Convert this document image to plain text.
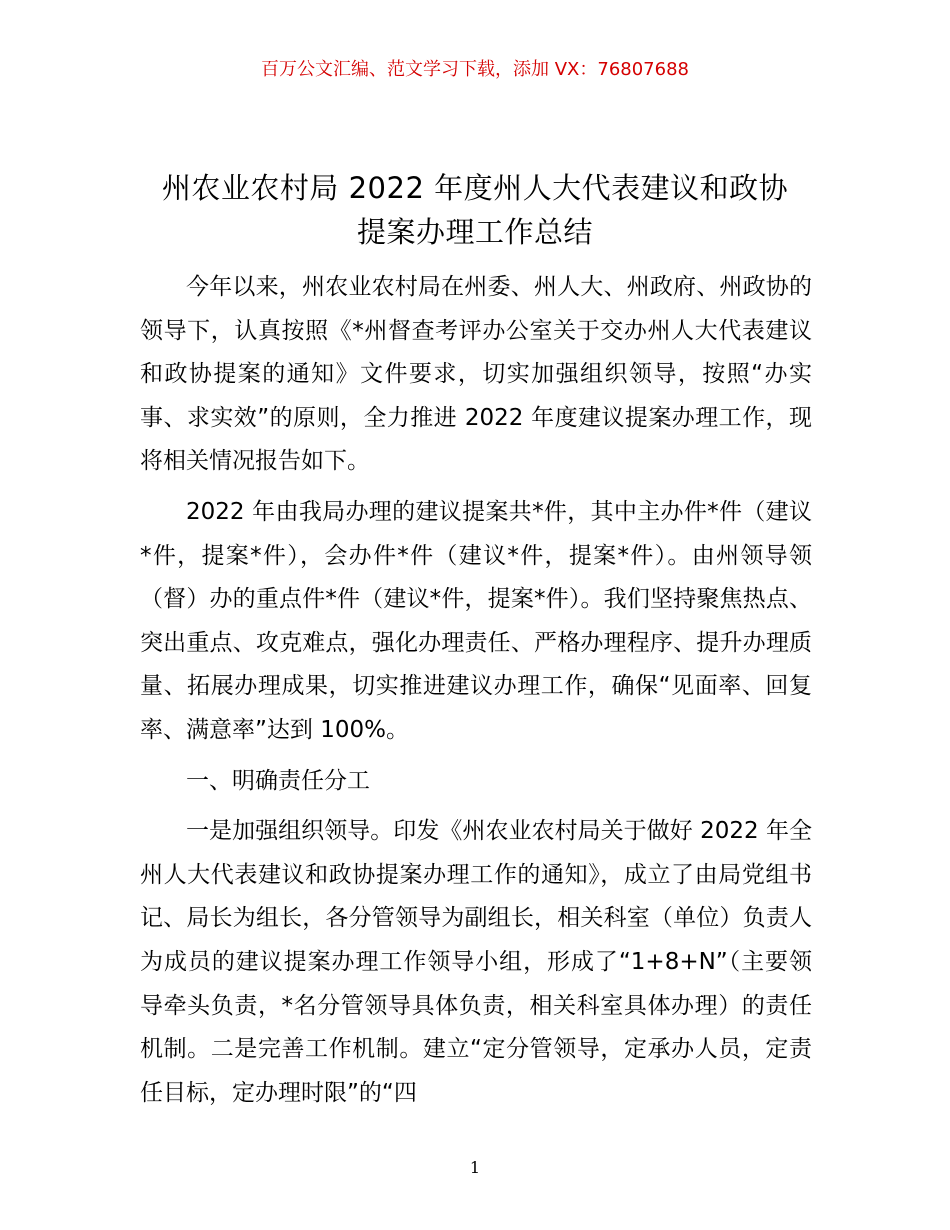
百万公文汇编、范文学习下载，添加 VX：76807688
州农业农村局 2022 年度州人大代表建议和政协
提案办理工作总结

今年以来，州农业农村局在州委、州人大、州政府、州政协的领导下，认真按照《*州督查考评办公室关于交办州人大代表建议和政协提案的通知》文件要求，切实加强组织领导，按照“办实事、求实效”的原则，全力推进 2022 年度建议提案办理工作，现将相关情况报告如下。

2022 年由我局办理的建议提案共*件，其中主办件*件（建议*件，提案*件），会办件*件（建议*件，提案*件）。由州领导领（督）办的重点件*件（建议*件，提案*件）。我们坚持聚焦热点、突出重点、攻克难点，强化办理责任、严格办理程序、提升办理质量、拓展办理成果，切实推进建议办理工作，确保“见面率、回复率、满意率”达到 100%。

一、明确责任分工

一是加强组织领导。印发《州农业农村局关于做好 2022 年全州人大代表建议和政协提案办理工作的通知》，成立了由局党组书记、局长为组长，各分管领导为副组长，相关科室（单位）负责人为成员的建议提案办理工作领导小组，形成了“1+8+N”（主要领导牵头负责，*名分管领导具体负责，相关科室具体办理）的责任机制。二是完善工作机制。建立“定分管领导，定承办人员，定责任目标，定办理时限”的“四

1
